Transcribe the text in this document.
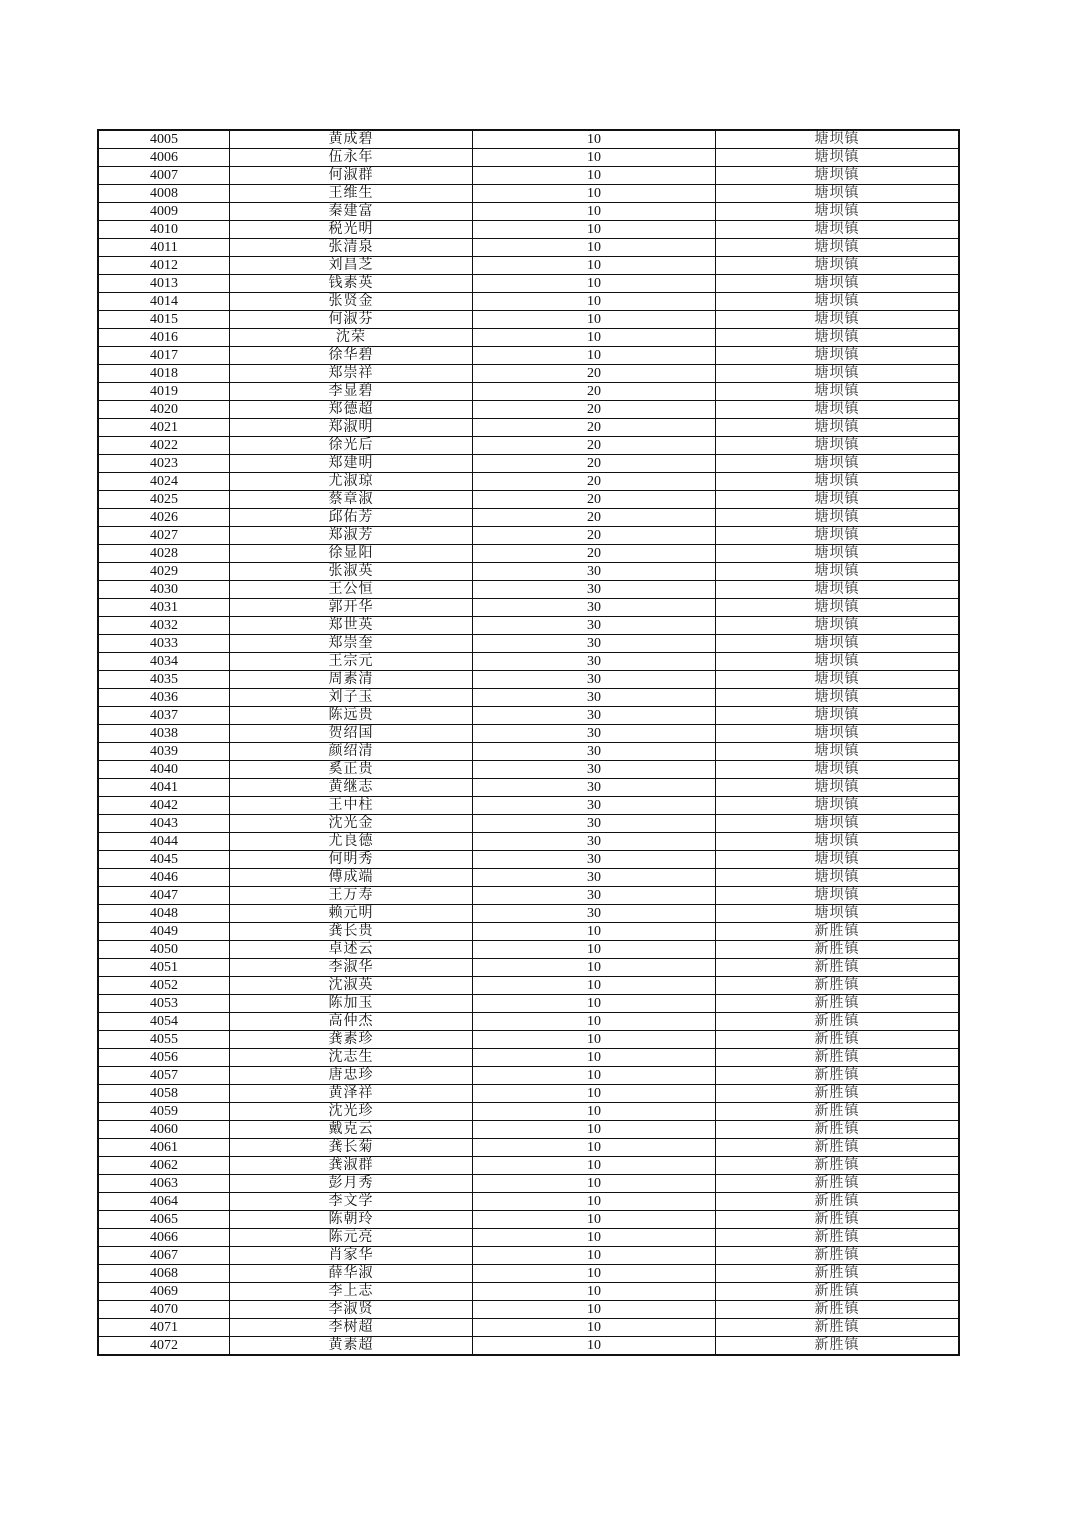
4005	黄成碧	10	塘坝镇
4006	伍永年	10	塘坝镇
4007	何淑群	10	塘坝镇
4008	王维生	10	塘坝镇
4009	秦建富	10	塘坝镇
4010	税光明	10	塘坝镇
4011	张清泉	10	塘坝镇
4012	刘昌芝	10	塘坝镇
4013	钱素英	10	塘坝镇
4014	张贤金	10	塘坝镇
4015	何淑芬	10	塘坝镇
4016	沈荣	10	塘坝镇
4017	徐华碧	10	塘坝镇
4018	郑崇祥	20	塘坝镇
4019	李显碧	20	塘坝镇
4020	郑德超	20	塘坝镇
4021	郑淑明	20	塘坝镇
4022	徐光后	20	塘坝镇
4023	郑建明	20	塘坝镇
4024	尤淑琼	20	塘坝镇
4025	蔡章淑	20	塘坝镇
4026	邱佑芳	20	塘坝镇
4027	郑淑芳	20	塘坝镇
4028	徐显阳	20	塘坝镇
4029	张淑英	30	塘坝镇
4030	王公恒	30	塘坝镇
4031	郭开华	30	塘坝镇
4032	郑世英	30	塘坝镇
4033	郑崇奎	30	塘坝镇
4034	王宗元	30	塘坝镇
4035	周素清	30	塘坝镇
4036	刘子玉	30	塘坝镇
4037	陈远贵	30	塘坝镇
4038	贺绍国	30	塘坝镇
4039	颜绍清	30	塘坝镇
4040	奚正贵	30	塘坝镇
4041	黄继志	30	塘坝镇
4042	王中柱	30	塘坝镇
4043	沈光金	30	塘坝镇
4044	尤良德	30	塘坝镇
4045	何明秀	30	塘坝镇
4046	傅成端	30	塘坝镇
4047	王万寿	30	塘坝镇
4048	赖元明	30	塘坝镇
4049	龚长贵	10	新胜镇
4050	卓述云	10	新胜镇
4051	李淑华	10	新胜镇
4052	沈淑英	10	新胜镇
4053	陈加玉	10	新胜镇
4054	高仲杰	10	新胜镇
4055	龚素珍	10	新胜镇
4056	沈志生	10	新胜镇
4057	唐忠珍	10	新胜镇
4058	黄泽祥	10	新胜镇
4059	沈光珍	10	新胜镇
4060	戴克云	10	新胜镇
4061	龚长菊	10	新胜镇
4062	龚淑群	10	新胜镇
4063	彭月秀	10	新胜镇
4064	李文学	10	新胜镇
4065	陈朝玲	10	新胜镇
4066	陈元亮	10	新胜镇
4067	肖家华	10	新胜镇
4068	薛华淑	10	新胜镇
4069	李上志	10	新胜镇
4070	李淑贤	10	新胜镇
4071	李树超	10	新胜镇
4072	黄素超	10	新胜镇
